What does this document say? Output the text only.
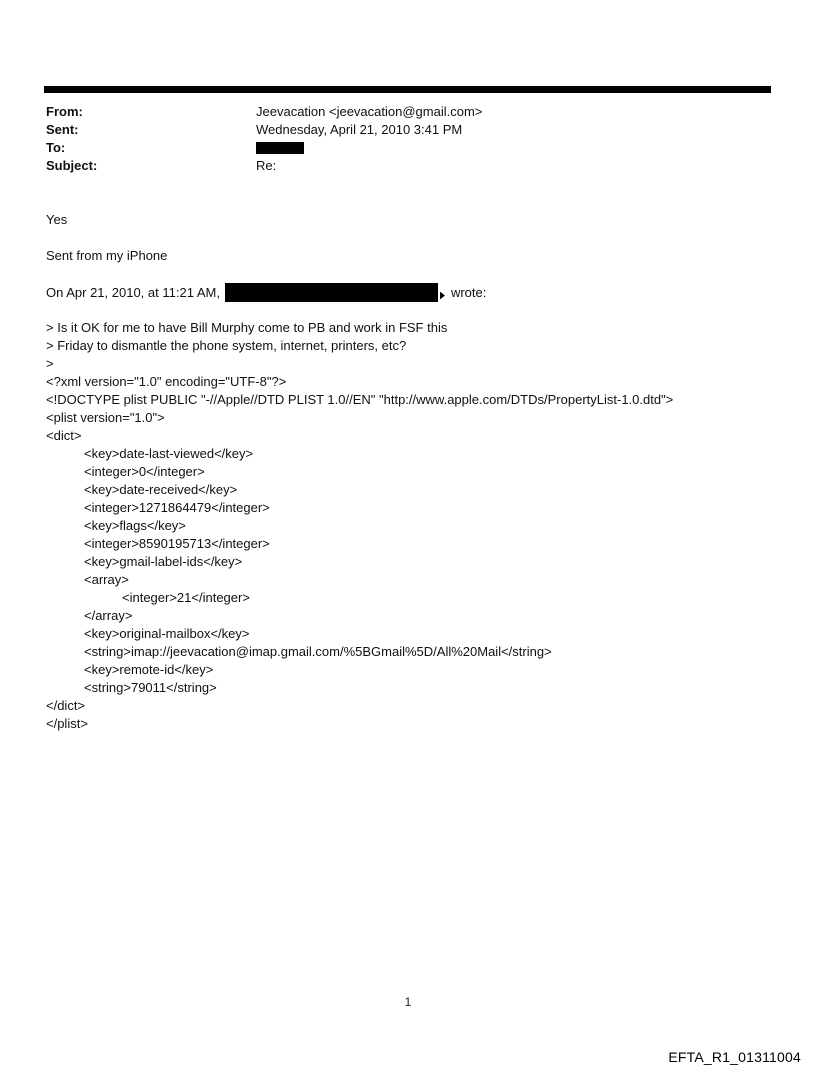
From:	Jeevacation <jeevacation@gmail.com>
Sent:	Wednesday, April 21, 2010 3:41 PM
To:
Subject:	Re:
Yes
Sent from my iPhone
On Apr 21, 2010, at 11:21 AM,	wrote:
> Is it OK for me to have Bill Murphy come to PB and work in FSF this
> Friday to dismantle the phone system, internet, printers, etc?
>
<?xml version="1.0" encoding="UTF-8"?>
<!DOCTYPE plist PUBLIC "-//Apple//DTD PLIST 1.0//EN" "http://www.apple.com/DTDs/PropertyList-1.0.dtd">
<plist version="1.0">
<dict>
<key>date-last-viewed</key>
<integer>0</integer>
<key>date-received</key>
<integer>1271864479</integer>
<key>flags</key>
<integer>8590195713</integer>
<key>gmail-label-ids</key>
<array>
<integer>21</integer>
</array>
<key>original-mailbox</key>
<string>imap://jeevacation@imap.gmail.com/%5BGmail%5D/All%20Mail</string>
<key>remote-id</key>
<string>79011</string>
</dict>
</plist>
1
EFTA_R1_01311004
